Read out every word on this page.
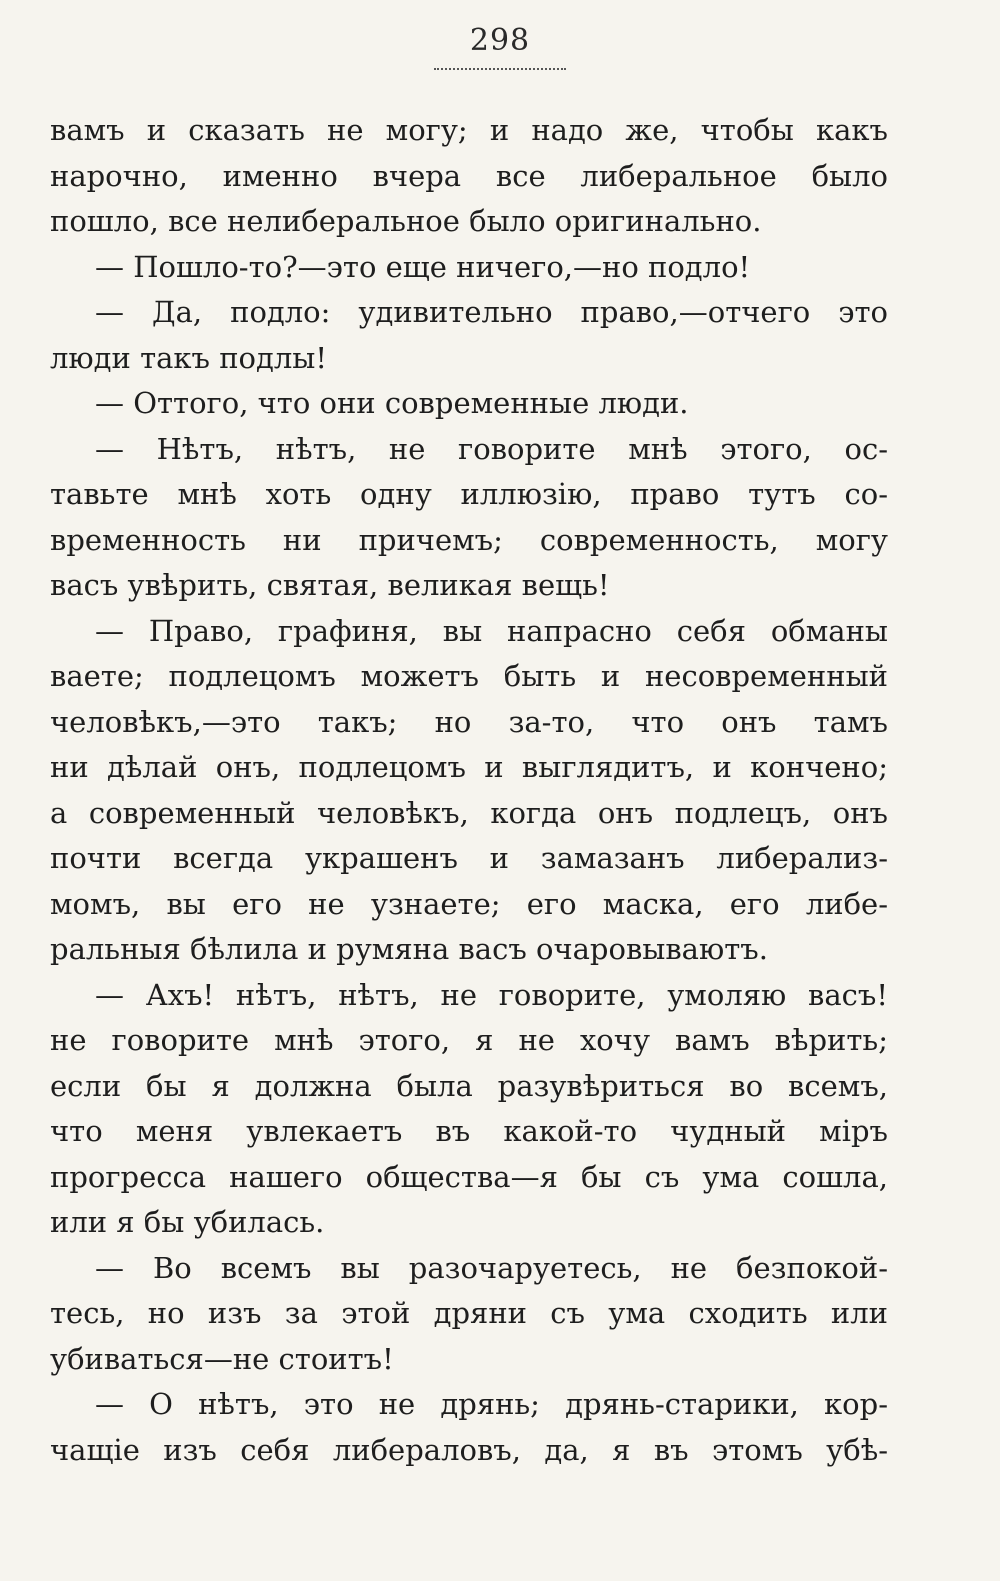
298
вамъ и сказать не могу; и надо же, чтобы какъ
нарочно, именно вчера все либеральное было
пошло, все нелиберальное было оригинально.
— Пошло-то?—это еще ничего,—но подло!
— Да, подло: удивительно право,—отчего это
люди такъ подлы!
— Оттого, что они современные люди.
— Нѣтъ, нѣтъ, не говорите мнѣ этого, ос-
тавьте мнѣ хоть одну иллюзію, право тутъ со-
временность ни причемъ; современность, могу
васъ увѣрить, святая, великая вещь!
— Право, графиня, вы напрасно себя обманы
ваете; подлецомъ можетъ быть и несовременный
человѣкъ,—это такъ; но за-то, что онъ тамъ
ни дѣлай онъ, подлецомъ и выглядитъ, и кончено;
а современный человѣкъ, когда онъ подлецъ, онъ
почти всегда украшенъ и замазанъ либерализ-
момъ, вы его не узнаете; его маска, его либе-
ральныя бѣлила и румяна васъ очаровываютъ.
— Ахъ! нѣтъ, нѣтъ, не говорите, умоляю васъ!
не говорите мнѣ этого, я не хочу вамъ вѣрить;
если бы я должна была разувѣриться во всемъ,
что меня увлекаетъ въ какой-то чудный міръ
прогресса нашего общества—я бы съ ума сошла,
или я бы убилась.
— Во всемъ вы разочаруетесь, не безпокой-
тесь, но изъ за этой дряни съ ума сходить или
убиваться—не стоитъ!
— О нѣтъ, это не дрянь; дрянь-старики, кор-
чащіе изъ себя либераловъ, да, я въ этомъ убѣ-
